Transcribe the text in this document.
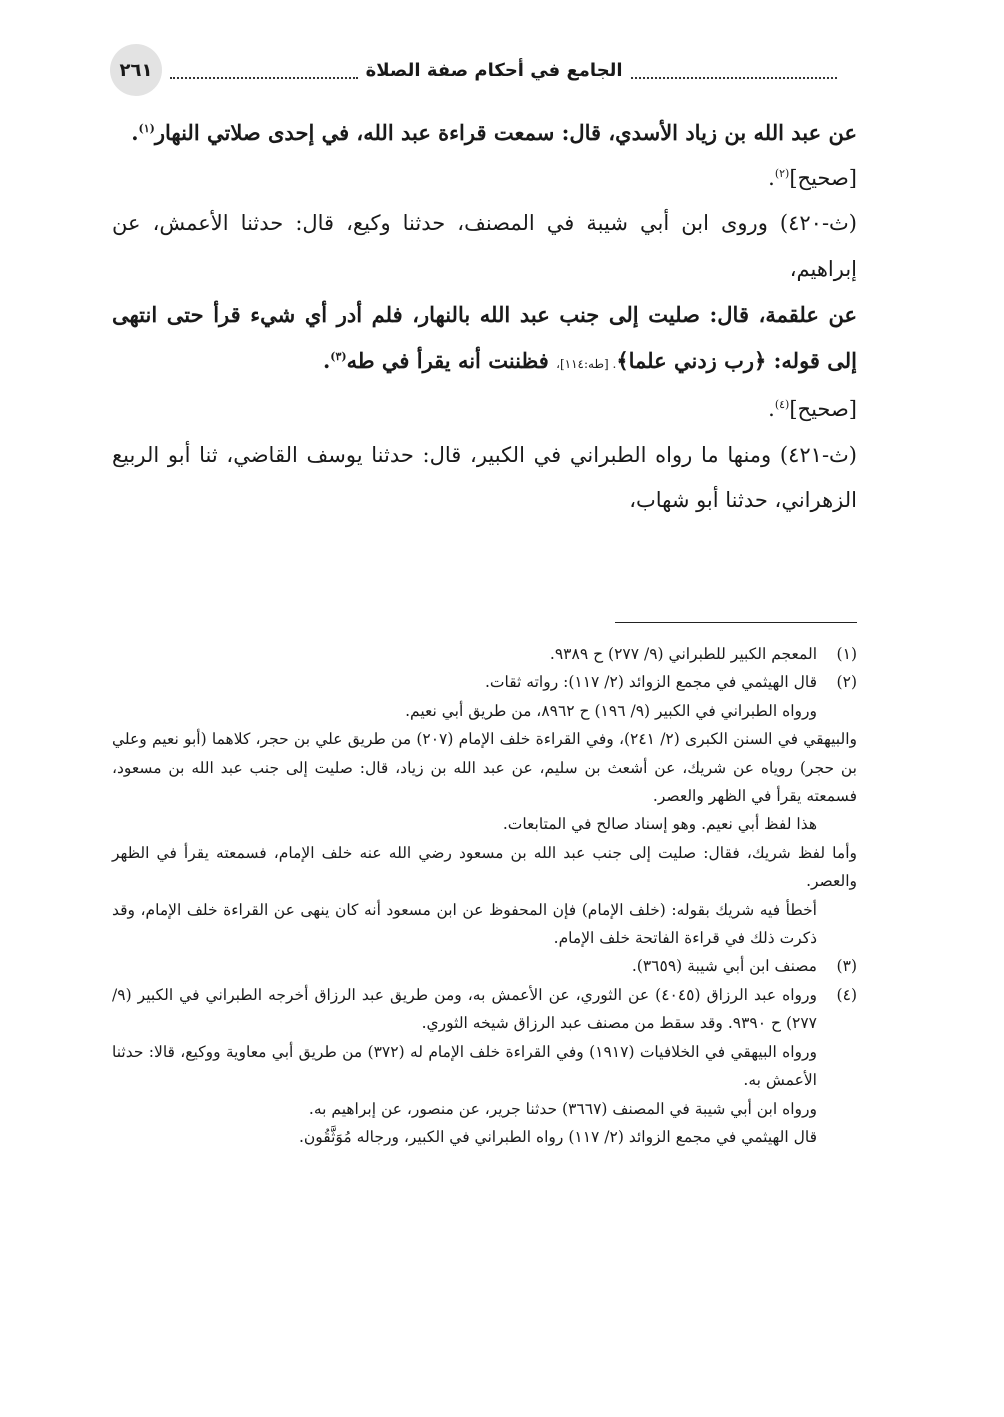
٢٦١	الجامع في أحكام صفة الصلاة

عن عبد الله بن زياد الأسدي، قال: سمعت قراءة عبد الله، في إحدى صلاتي النهار$^{(١)}$.

[صحيح]$^{(٢)}$.

(ث-٤٢٠) وروى ابن أبي شيبة في المصنف، حدثنا وكيع، قال: حدثنا الأعمش، عن إبراهيم،

عن علقمة، قال: صليت إلى جنب عبد الله بالنهار، فلم أدر أي شيء قرأ حتى انتهى إلى قوله: ﴿رب زدني علما﴾. [طه:١١٤]، فظننت أنه يقرأ في طه$^{(٣)}$.

[صحيح]$^{(٤)}$.

(ث-٤٢١) ومنها ما رواه الطبراني في الكبير، قال: حدثنا يوسف القاضي، ثنا أبو الربيع الزهراني، حدثنا أبو شهاب،

(١)
المعجم الكبير للطبراني (٩/ ٢٧٧) ح ٩٣٨٩.
(٢)
قال الهيثمي في مجمع الزوائد (٢/ ١١٧): رواته ثقات.
ورواه الطبراني في الكبير (٩/ ١٩٦) ح ٨٩٦٢، من طريق أبي نعيم.
والبيهقي في السنن الكبرى (٢/ ٢٤١)، وفي القراءة خلف الإمام (٢٠٧) من طريق علي بن حجر، كلاهما (أبو نعيم وعلي بن حجر) روياه عن شريك، عن أشعث بن سليم، عن عبد الله بن زياد، قال: صليت إلى جنب عبد الله بن مسعود، فسمعته يقرأ في الظهر والعصر.
هذا لفظ أبي نعيم. وهو إسناد صالح في المتابعات.
وأما لفظ شريك، فقال: صليت إلى جنب عبد الله بن مسعود رضي الله عنه خلف الإمام، فسمعته يقرأ في الظهر والعصر.
أخطأ فيه شريك بقوله: (خلف الإمام) فإن المحفوظ عن ابن مسعود أنه كان ينهى عن القراءة خلف الإمام، وقد ذكرت ذلك في قراءة الفاتحة خلف الإمام.
(٣)
مصنف ابن أبي شيبة (٣٦٥٩).
(٤)
ورواه عبد الرزاق (٤٠٤٥) عن الثوري، عن الأعمش به، ومن طريق عبد الرزاق أخرجه الطبراني في الكبير (٩/ ٢٧٧) ح ٩٣٩٠. وقد سقط من مصنف عبد الرزاق شيخه الثوري.
ورواه البيهقي في الخلافيات (١٩١٧) وفي القراءة خلف الإمام له (٣٧٢) من طريق أبي معاوية ووكيع، قالا: حدثنا الأعمش به.
ورواه ابن أبي شيبة في المصنف (٣٦٦٧) حدثنا جرير، عن منصور، عن إبراهيم به.
قال الهيثمي في مجمع الزوائد (٢/ ١١٧) رواه الطبراني في الكبير، ورجاله مُوَثَّقُون.
